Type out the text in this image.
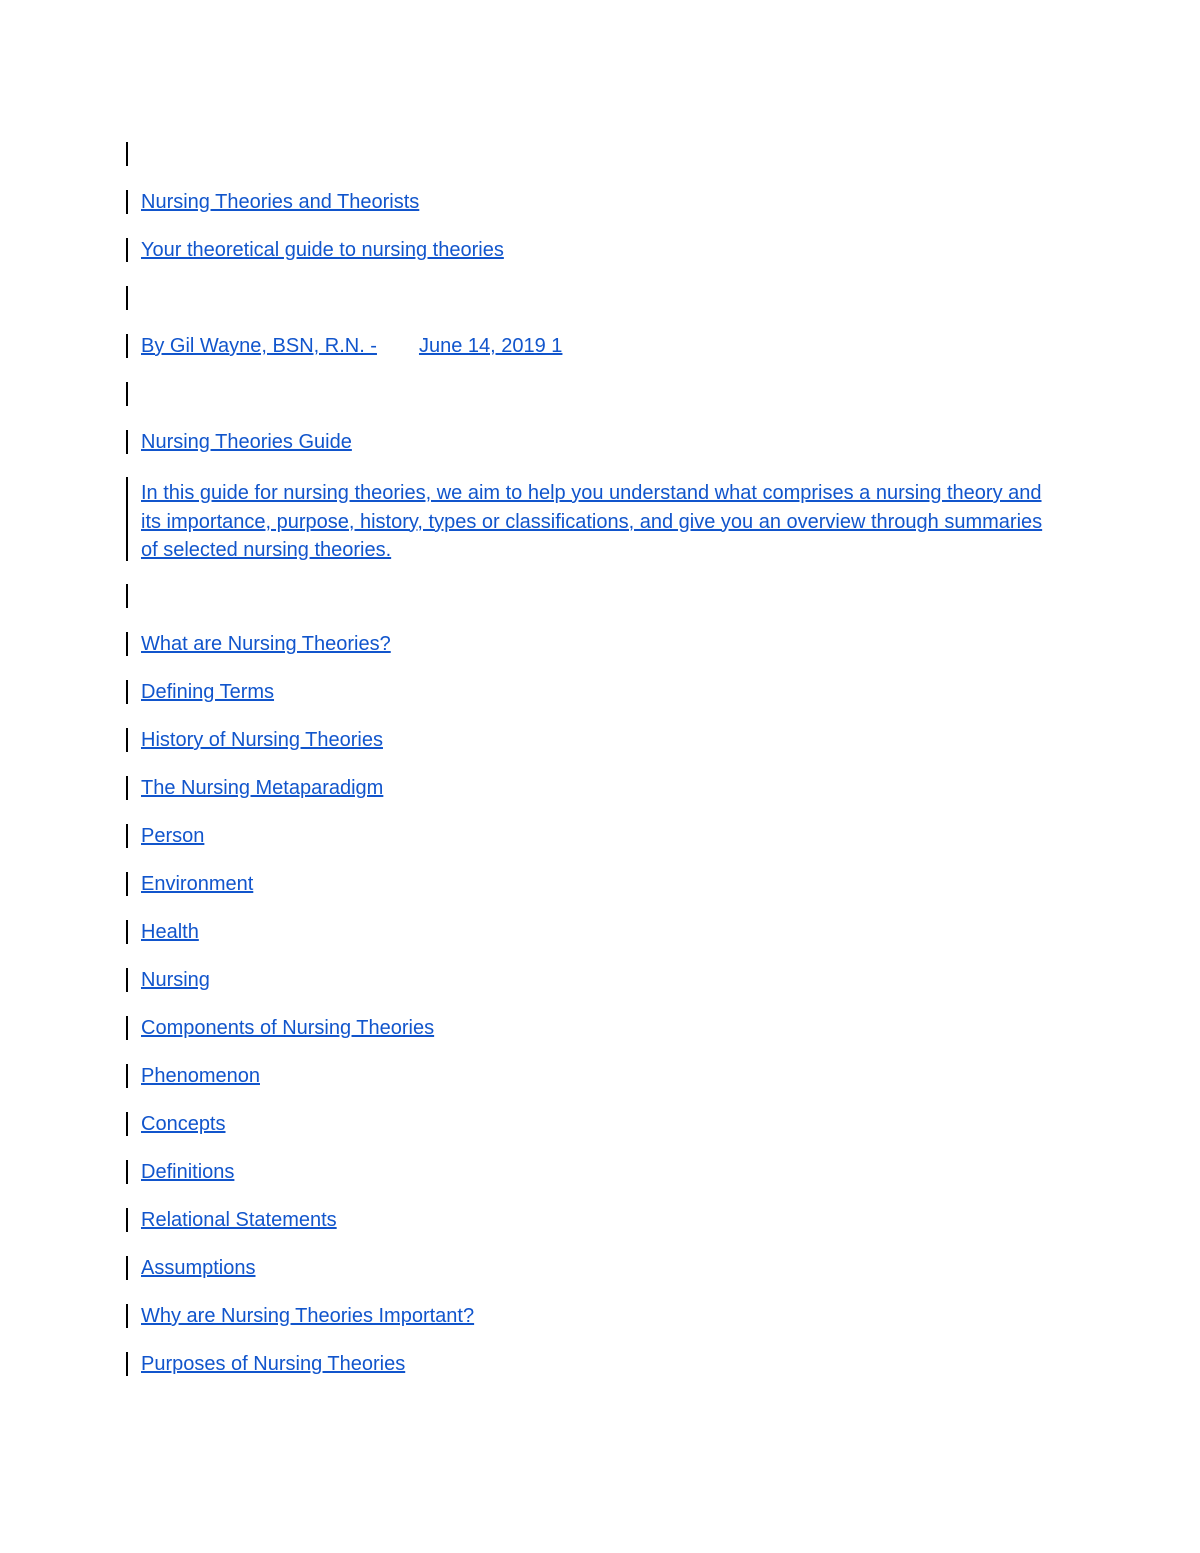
Nursing Theories and Theorists
Your theoretical guide to nursing theories
By Gil Wayne, BSN, R.N. - June 14, 2019 1
Nursing Theories Guide
In this guide for nursing theories, we aim to help you understand what comprises a nursing theory and its importance, purpose, history, types or classifications, and give you an overview through summaries of selected nursing theories.
What are Nursing Theories?
Defining Terms
History of Nursing Theories
The Nursing Metaparadigm
Person
Environment
Health
Nursing
Components of Nursing Theories
Phenomenon
Concepts
Definitions
Relational Statements
Assumptions
Why are Nursing Theories Important?
Purposes of Nursing Theories
